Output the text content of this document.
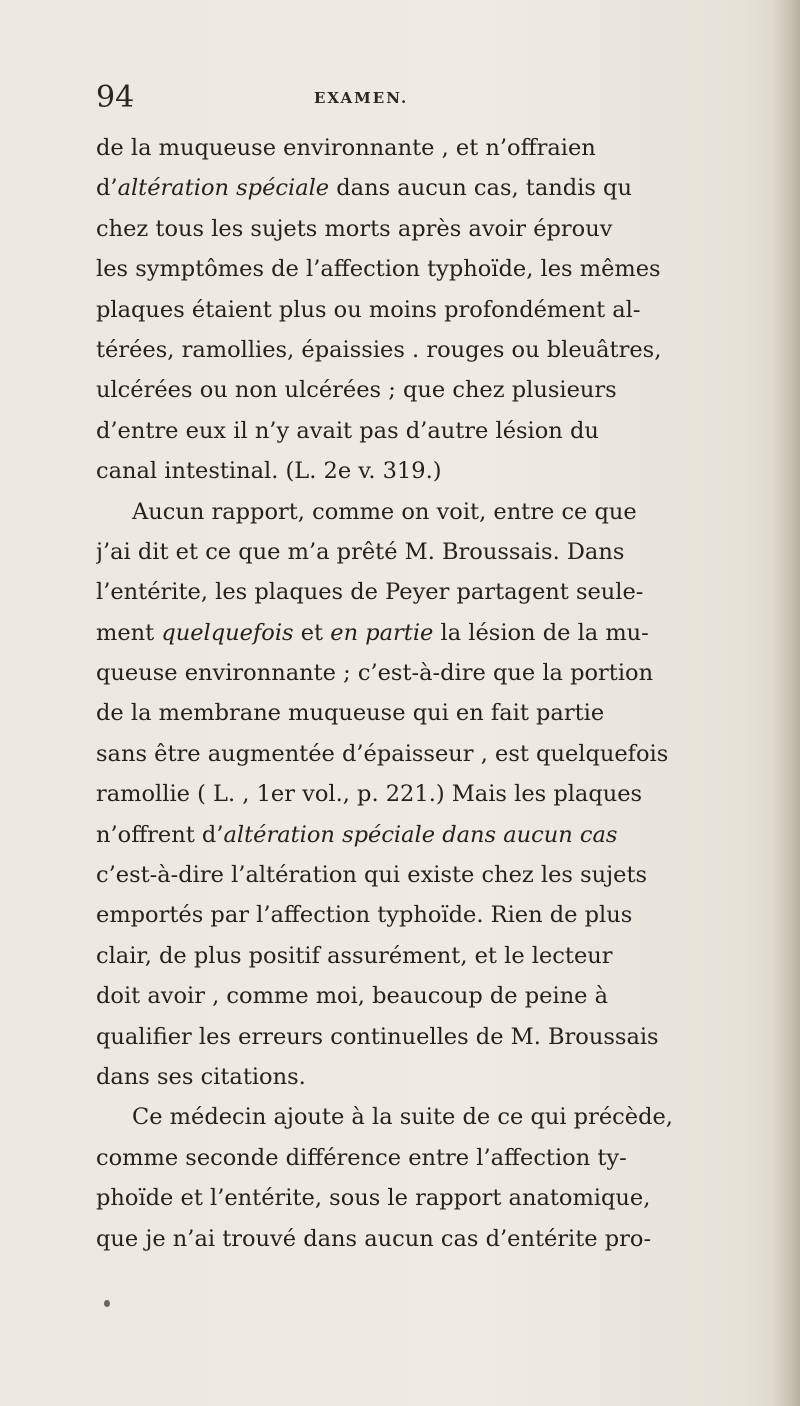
94	EXAMEN.
de la muqueuse environnante , et n’offraien
d’altération spéciale dans aucun cas, tandis qu
chez tous les sujets morts après avoir éprouv
les symptômes de l’affection typhoïde, les mêmes
plaques étaient plus ou moins profondément al-
térées, ramollies, épaissies . rouges ou bleuâtres,
ulcérées ou non ulcérées ; que chez plusieurs
d’entre eux il n’y avait pas d’autre lésion du
canal intestinal. (L. 2e v. 319.)
Aucun rapport, comme on voit, entre ce que
j’ai dit et ce que m’a prêté M. Broussais. Dans
l’entérite, les plaques de Peyer partagent seule-
ment quelquefois et en partie la lésion de la mu-
queuse environnante ; c’est-à-dire que la portion
de la membrane muqueuse qui en fait partie
sans être augmentée d’épaisseur , est quelquefois
ramollie ( L. , 1er vol., p. 221.) Mais les plaques
n’offrent d’altération spéciale dans aucun cas
c’est-à-dire l’altération qui existe chez les sujets
emportés par l’affection typhoïde. Rien de plus
clair, de plus positif assurément, et le lecteur
doit avoir , comme moi, beaucoup de peine à
qualifier les erreurs continuelles de M. Broussais
dans ses citations.
Ce médecin ajoute à la suite de ce qui précède,
comme seconde différence entre l’affection ty-
phoïde et l’entérite, sous le rapport anatomique,
que je n’ai trouvé dans aucun cas d’entérite pro-
